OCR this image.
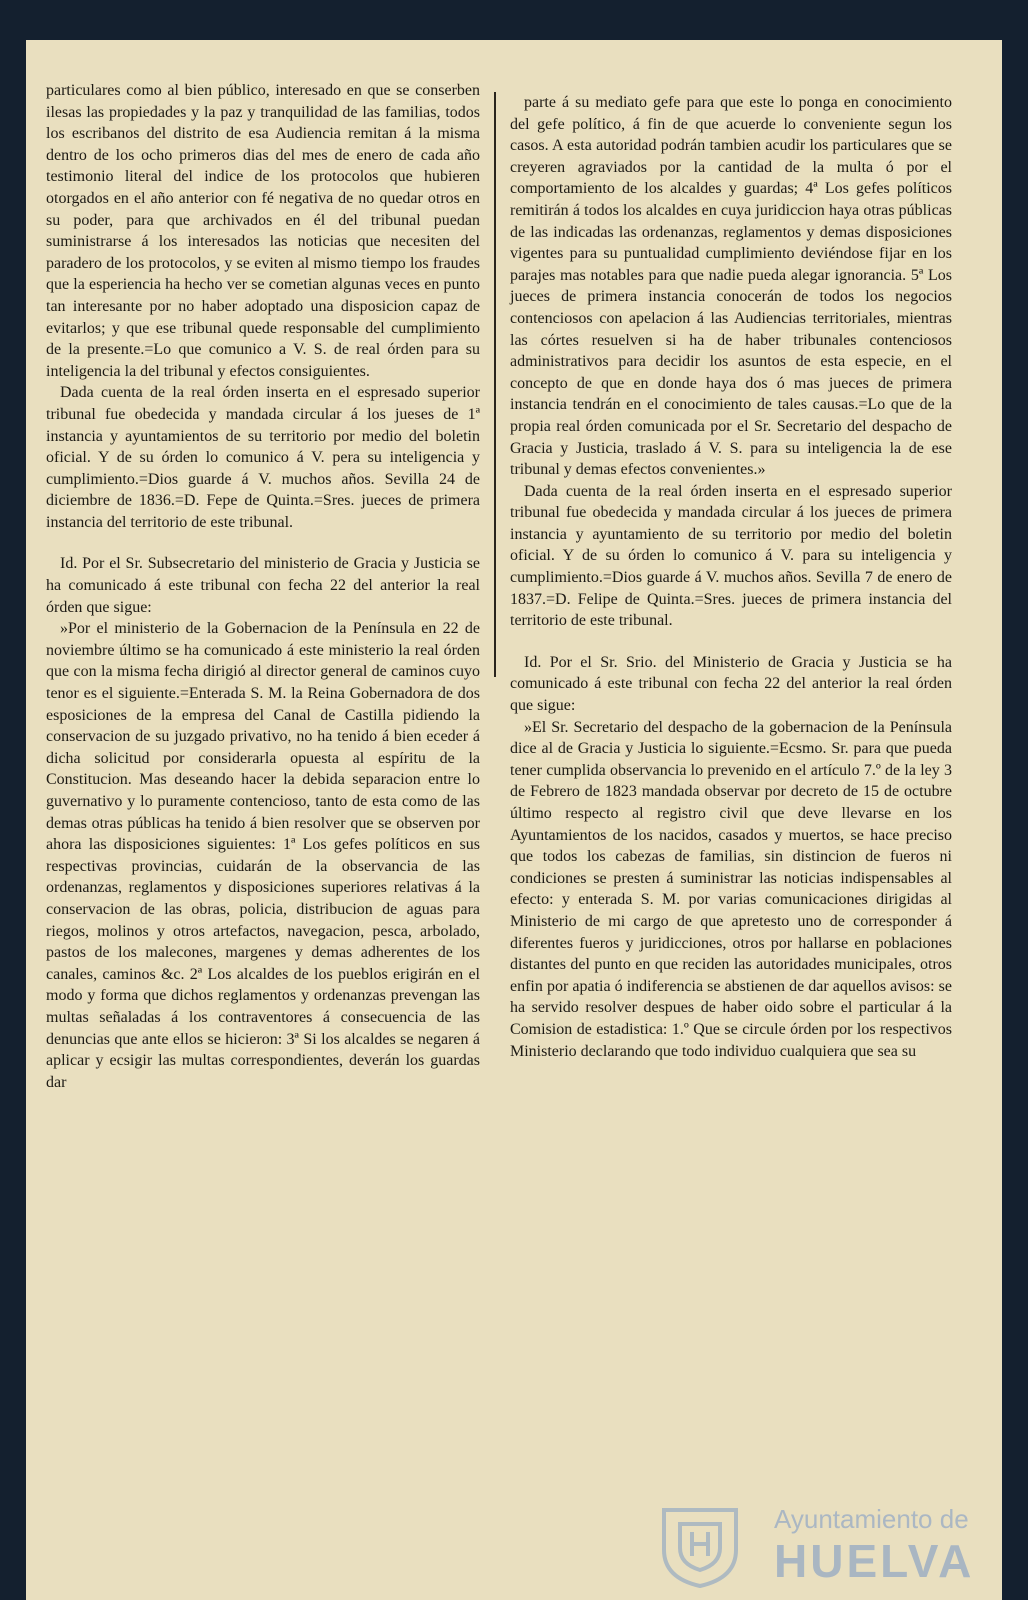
particulares como al bien público, interesado en que se conserben ilesas las propiedades y la paz y tranquilidad de las familias, todos los escribanos del distrito de esa Audiencia remitan á la misma dentro de los ocho primeros dias del mes de enero de cada año testimonio literal del indice de los protocolos que hubieren otorgados en el año anterior con fé negativa de no quedar otros en su poder, para que archivados en él del tribunal puedan suministrarse á los interesados las noticias que necesiten del paradero de los protocolos, y se eviten al mismo tiempo los fraudes que la esperiencia ha hecho ver se cometian algunas veces en punto tan interesante por no haber adoptado una disposicion capaz de evitarlos; y que ese tribunal quede responsable del cumplimiento de la presente.=Lo que comunico a V. S. de real órden para su inteligencia la del tribunal y efectos consiguientes.

Dada cuenta de la real órden inserta en el espresado superior tribunal fue obedecida y mandada circular á los jueses de 1ª instancia y ayuntamientos de su territorio por medio del boletin oficial. Y de su órden lo comunico á V. pera su inteligencia y cumplimiento.=Dios guarde á V. muchos años. Sevilla 24 de diciembre de 1836.=D. Fepe de Quinta.=Sres. jueces de primera instancia del territorio de este tribunal.

Id. Por el Sr. Subsecretario del ministerio de Gracia y Justicia se ha comunicado á este tribunal con fecha 22 del anterior la real órden que sigue:

»Por el ministerio de la Gobernacion de la Península en 22 de noviembre último se ha comunicado á este ministerio la real órden que con la misma fecha dirigió al director general de caminos cuyo tenor es el siguiente.=Enterada S. M. la Reina Gobernadora de dos esposiciones de la empresa del Canal de Castilla pidiendo la conservacion de su juzgado privativo, no ha tenido á bien eceder á dicha solicitud por considerarla opuesta al espíritu de la Constitucion. Mas deseando hacer la debida separacion entre lo guvernativo y lo puramente contencioso, tanto de esta como de las demas otras públicas ha tenido á bien resolver que se observen por ahora las disposiciones siguientes: 1ª Los gefes políticos en sus respectivas provincias, cuidarán de la observancia de las ordenanzas, reglamentos y disposiciones superiores relativas á la conservacion de las obras, policia, distribucion de aguas para riegos, molinos y otros artefactos, navegacion, pesca, arbolado, pastos de los malecones, margenes y demas adherentes de los canales, caminos &c. 2ª Los alcaldes de los pueblos erigirán en el modo y forma que dichos reglamentos y ordenanzas prevengan las multas señaladas á los contraventores á consecuencia de las denuncias que ante ellos se hicieron: 3ª Si los alcaldes se negaren á aplicar y ecsigir las multas correspondientes, deverán los guardas dar

parte á su mediato gefe para que este lo ponga en conocimiento del gefe político, á fin de que acuerde lo conveniente segun los casos. A esta autoridad podrán tambien acudir los particulares que se creyeren agraviados por la cantidad de la multa ó por el comportamiento de los alcaldes y guardas; 4ª Los gefes políticos remitirán á todos los alcaldes en cuya juridiccion haya otras públicas de las indicadas las ordenanzas, reglamentos y demas disposiciones vigentes para su puntualidad cumplimiento deviéndose fijar en los parajes mas notables para que nadie pueda alegar ignorancia. 5ª Los jueces de primera instancia conocerán de todos los negocios contenciosos con apelacion á las Audiencias territoriales, mientras las córtes resuelven si ha de haber tribunales contenciosos administrativos para decidir los asuntos de esta especie, en el concepto de que en donde haya dos ó mas jueces de primera instancia tendrán en el conocimiento de tales causas.=Lo que de la propia real órden comunicada por el Sr. Secretario del despacho de Gracia y Justicia, traslado á V. S. para su inteligencia la de ese tribunal y demas efectos convenientes.»

Dada cuenta de la real órden inserta en el espresado superior tribunal fue obedecida y mandada circular á los jueces de primera instancia y ayuntamiento de su territorio por medio del boletin oficial. Y de su órden lo comunico á V. para su inteligencia y cumplimiento.=Dios guarde á V. muchos años. Sevilla 7 de enero de 1837.=D. Felipe de Quinta.=Sres. jueces de primera instancia del territorio de este tribunal.

Id. Por el Sr. Srio. del Ministerio de Gracia y Justicia se ha comunicado á este tribunal con fecha 22 del anterior la real órden que sigue:

»El Sr. Secretario del despacho de la gobernacion de la Península dice al de Gracia y Justicia lo siguiente.=Ecsmo. Sr. para que pueda tener cumplida observancia lo prevenido en el artículo 7.º de la ley 3 de Febrero de 1823 mandada observar por decreto de 15 de octubre último respecto al registro civil que deve llevarse en los Ayuntamientos de los nacidos, casados y muertos, se hace preciso que todos los cabezas de familias, sin distincion de fueros ni condiciones se presten á suministrar las noticias indispensables al efecto: y enterada S. M. por varias comunicaciones dirigidas al Ministerio de mi cargo de que apretesto uno de corresponder á diferentes fueros y juridicciones, otros por hallarse en poblaciones distantes del punto en que reciden las autoridades municipales, otros enfin por apatia ó indiferencia se abstienen de dar aquellos avisos: se ha servido resolver despues de haber oido sobre el particular á la Comision de estadistica: 1.º Que se circule órden por los respectivos Ministerio declarando que todo individuo cualquiera que sea su

Ayuntamiento de
HUELVA
